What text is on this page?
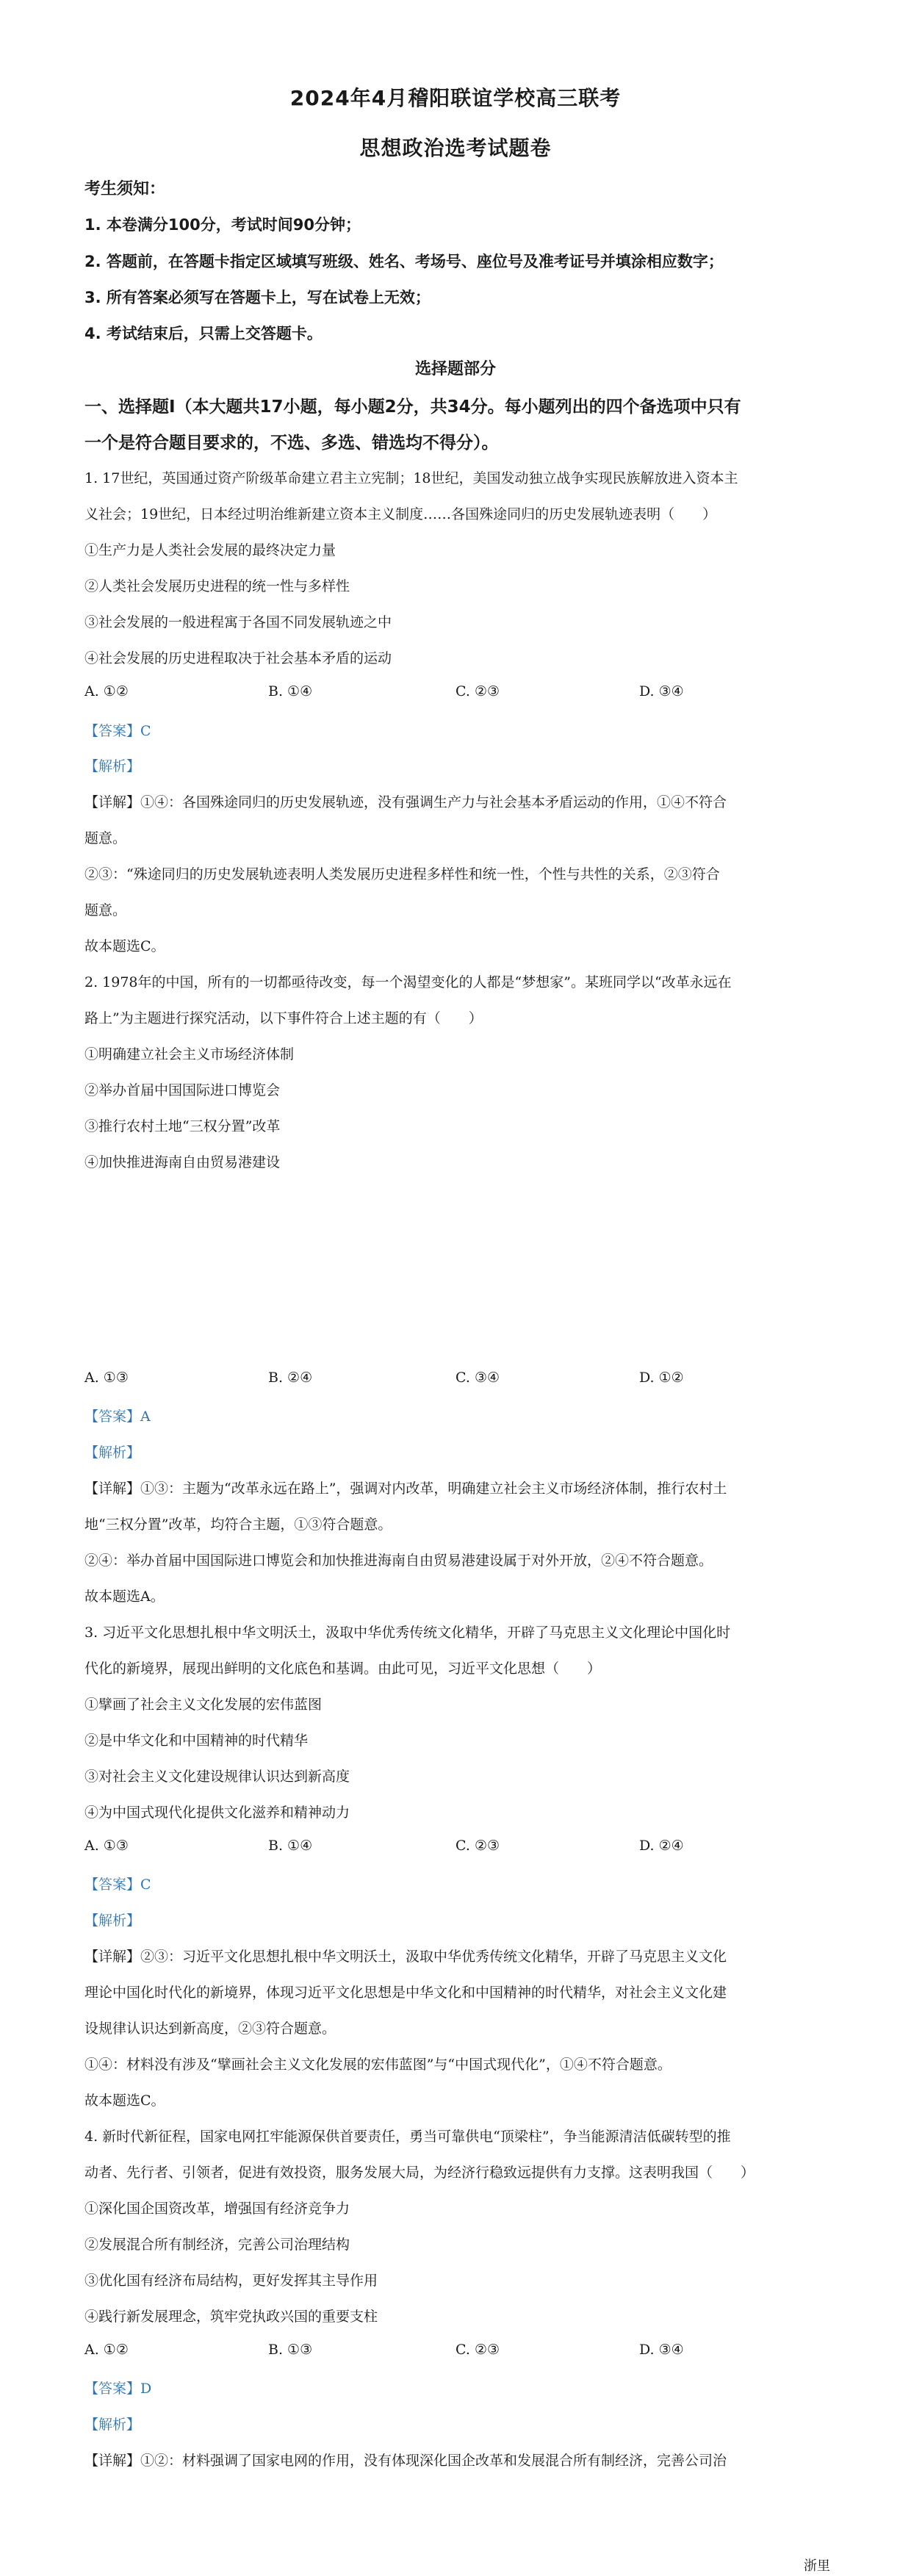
2024年4月稽阳联谊学校高三联考
思想政治选考试题卷
考生须知：
1. 本卷满分100分，考试时间90分钟；
2. 答题前，在答题卡指定区域填写班级、姓名、考场号、座位号及准考证号并填涂相应数字；
3. 所有答案必须写在答题卡上，写在试卷上无效；
4. 考试结束后，只需上交答题卡。
选择题部分
一、选择题Ⅰ（本大题共17小题，每小题2分，共34分。每小题列出的四个备选项中只有
一个是符合题目要求的，不选、多选、错选均不得分）。
1. 17世纪，英国通过资产阶级革命建立君主立宪制；18世纪，美国发动独立战争实现民族解放进入资本主
义社会；19世纪，日本经过明治维新建立资本主义制度……各国殊途同归的历史发展轨迹表明（　　）
①生产力是人类社会发展的最终决定力量
②人类社会发展历史进程的统一性与多样性
③社会发展的一般进程寓于各国不同发展轨迹之中
④社会发展的历史进程取决于社会基本矛盾的运动
A. ①②	B. ①④	C. ②③	D. ③④
【答案】C
【解析】
【详解】①④：各国殊途同归的历史发展轨迹，没有强调生产力与社会基本矛盾运动的作用，①④不符合
题意。
②③：“殊途同归的历史发展轨迹表明人类发展历史进程多样性和统一性，个性与共性的关系，②③符合
题意。
故本题选C。
2. 1978年的中国，所有的一切都亟待改变，每一个渴望变化的人都是“梦想家”。某班同学以“改革永远在
路上”为主题进行探究活动，以下事件符合上述主题的有（　　）
①明确建立社会主义市场经济体制
②举办首届中国国际进口博览会
③推行农村土地“三权分置”改革
④加快推进海南自由贸易港建设
A. ①③	B. ②④	C. ③④	D. ①②
【答案】A
【解析】
【详解】①③：主题为“改革永远在路上”，强调对内改革，明确建立社会主义市场经济体制，推行农村土
地“三权分置”改革，均符合主题，①③符合题意。
②④：举办首届中国国际进口博览会和加快推进海南自由贸易港建设属于对外开放，②④不符合题意。
故本题选A。
3. 习近平文化思想扎根中华文明沃土，汲取中华优秀传统文化精华，开辟了马克思主义文化理论中国化时
代化的新境界，展现出鲜明的文化底色和基调。由此可见，习近平文化思想（　　）
①擘画了社会主义文化发展的宏伟蓝图
②是中华文化和中国精神的时代精华
③对社会主义文化建设规律认识达到新高度
④为中国式现代化提供文化滋养和精神动力
A. ①③	B. ①④	C. ②③	D. ②④
【答案】C
【解析】
【详解】②③：习近平文化思想扎根中华文明沃土，汲取中华优秀传统文化精华，开辟了马克思主义文化
理论中国化时代化的新境界，体现习近平文化思想是中华文化和中国精神的时代精华，对社会主义文化建
设规律认识达到新高度，②③符合题意。
①④：材料没有涉及“擘画社会主义文化发展的宏伟蓝图”与“中国式现代化”，①④不符合题意。
故本题选C。
4. 新时代新征程，国家电网扛牢能源保供首要责任，勇当可靠供电“顶梁柱”，争当能源清洁低碳转型的推
动者、先行者、引领者，促进有效投资，服务发展大局，为经济行稳致远提供有力支撑。这表明我国（　　）
①深化国企国资改革，增强国有经济竞争力
②发展混合所有制经济，完善公司治理结构
③优化国有经济布局结构，更好发挥其主导作用
④践行新发展理念，筑牢党执政兴国的重要支柱
A. ①②	B. ①③	C. ②③	D. ③④
【答案】D
【解析】
【详解】①②：材料强调了国家电网的作用，没有体现深化国企改革和发展混合所有制经济，完善公司治
浙里
